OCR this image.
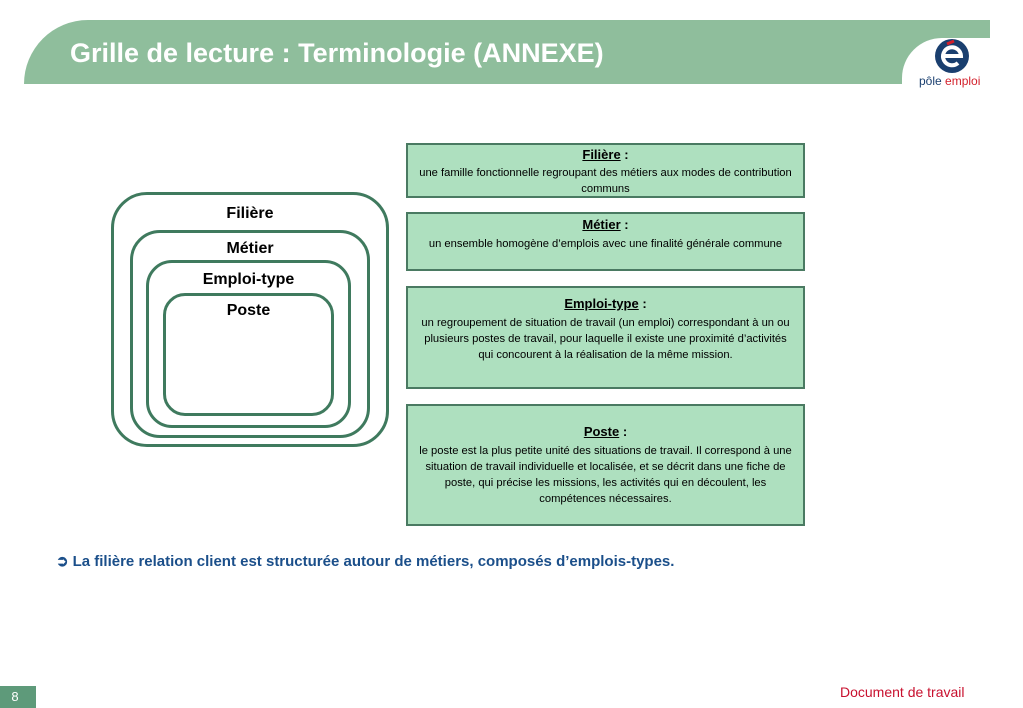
Grille de lecture : Terminologie (ANNEXE)
pôle emploi
Filière
Métier
Emploi-type
Poste
Filière :
une famille fonctionnelle regroupant des métiers aux modes de contribution communs
Métier :
un ensemble homogène d’emplois avec une finalité générale commune
Emploi-type :
un regroupement de situation de travail (un emploi) correspondant à un ou plusieurs postes de travail, pour laquelle il existe une proximité d’activités qui concourent à la réalisation de la même mission.
Poste :
le poste est la plus petite unité des situations de travail. Il correspond à une situation de travail individuelle et localisée, et se décrit dans une fiche de poste, qui précise les missions, les activités qui en découlent, les compétences nécessaires.
➲ La filière relation client est structurée autour de métiers, composés d’emplois-types.
8	Document de travail
